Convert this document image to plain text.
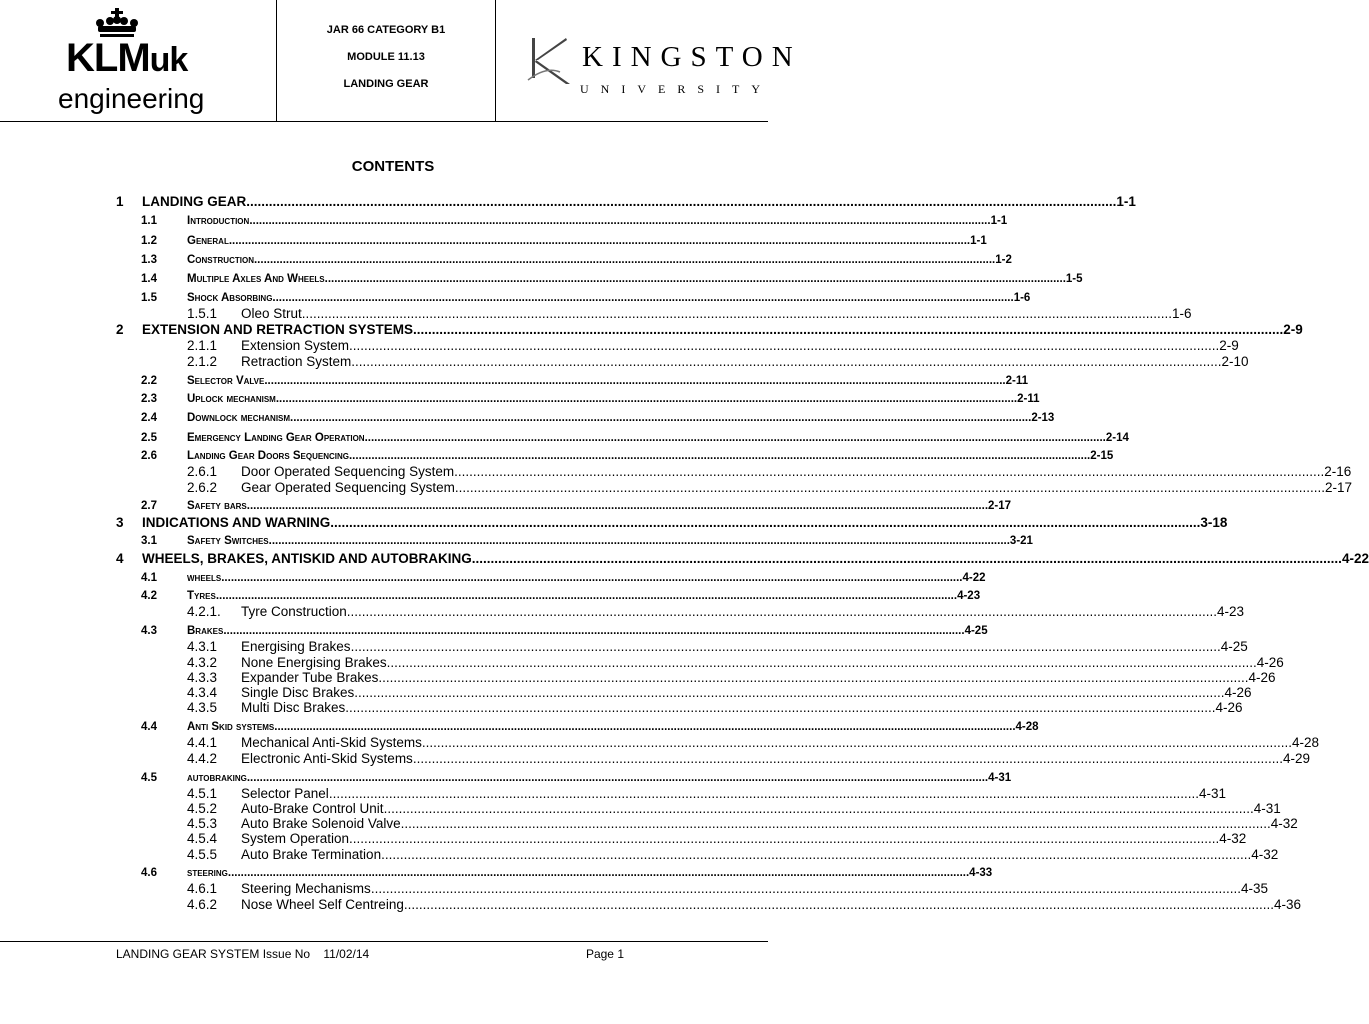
KLMuk
engineering
JAR 66 CATEGORY B1
MODULE 11.13
LANDING GEAR
KINGSTON
UNIVERSITY
CONTENTS
1 LANDING GEAR .....	1-1
1.1	Introduction .....	1-1
1.2	General .....	1-1
1.3	Construction .....	1-2
1.4	Multiple Axles And Wheels .....	1-5
1.5	Shock Absorbing .....	1-6
1.5.1 Oleo Strut .....	1-6
2 EXTENSION AND RETRACTION SYSTEMS .....	2-9
2.1.1 Extension System .....	2-9
2.1.2 Retraction System .....	2-10
2.2	Selector Valve .....	2-11
2.3	Uplock mechanism .....	2-11
2.4	Downlock mechanism .....	2-13
2.5	Emergency Landing Gear Operation .....	2-14
2.6	Landing Gear Doors Sequencing .....	2-15
2.6.1 Door Operated Sequencing System .....	2-16
2.6.2 Gear Operated Sequencing System .....	2-17
2.7	Safety bars .....	2-17
3 INDICATIONS AND WARNING .....	3-18
3.1	Safety Switches .....	3-21
4 WHEELS, BRAKES, ANTISKID AND AUTOBRAKING .....	4-22
4.1	wheels .....	4-22
4.2	Tyres .....	4-23
4.2.1. Tyre Construction .....	4-23
4.3	Brakes .....	4-25
4.3.1 Energising Brakes .....	4-25
4.3.2 None Energising Brakes .....	4-26
4.3.3 Expander Tube Brakes .....	4-26
4.3.4 Single Disc Brakes .....	4-26
4.3.5 Multi Disc Brakes .....	4-26
4.4	Anti Skid systems .....	4-28
4.4.1 Mechanical Anti-Skid Systems .....	4-28
4.4.2 Electronic Anti-Skid Systems .....	4-29
4.5	autobraking .....	4-31
4.5.1 Selector Panel .....	4-31
4.5.2 Auto-Brake Control Unit .....	4-31
4.5.3 Auto Brake Solenoid Valve .....	4-32
4.5.4 System Operation .....	4-32
4.5.5 Auto Brake Termination .....	4-32
4.6	steering .....	4-33
4.6.1 Steering Mechanisms .....	4-35
4.6.2 Nose Wheel Self Centreing .....	4-36
LANDING GEAR SYSTEM Issue No    11/02/14	Page 1
